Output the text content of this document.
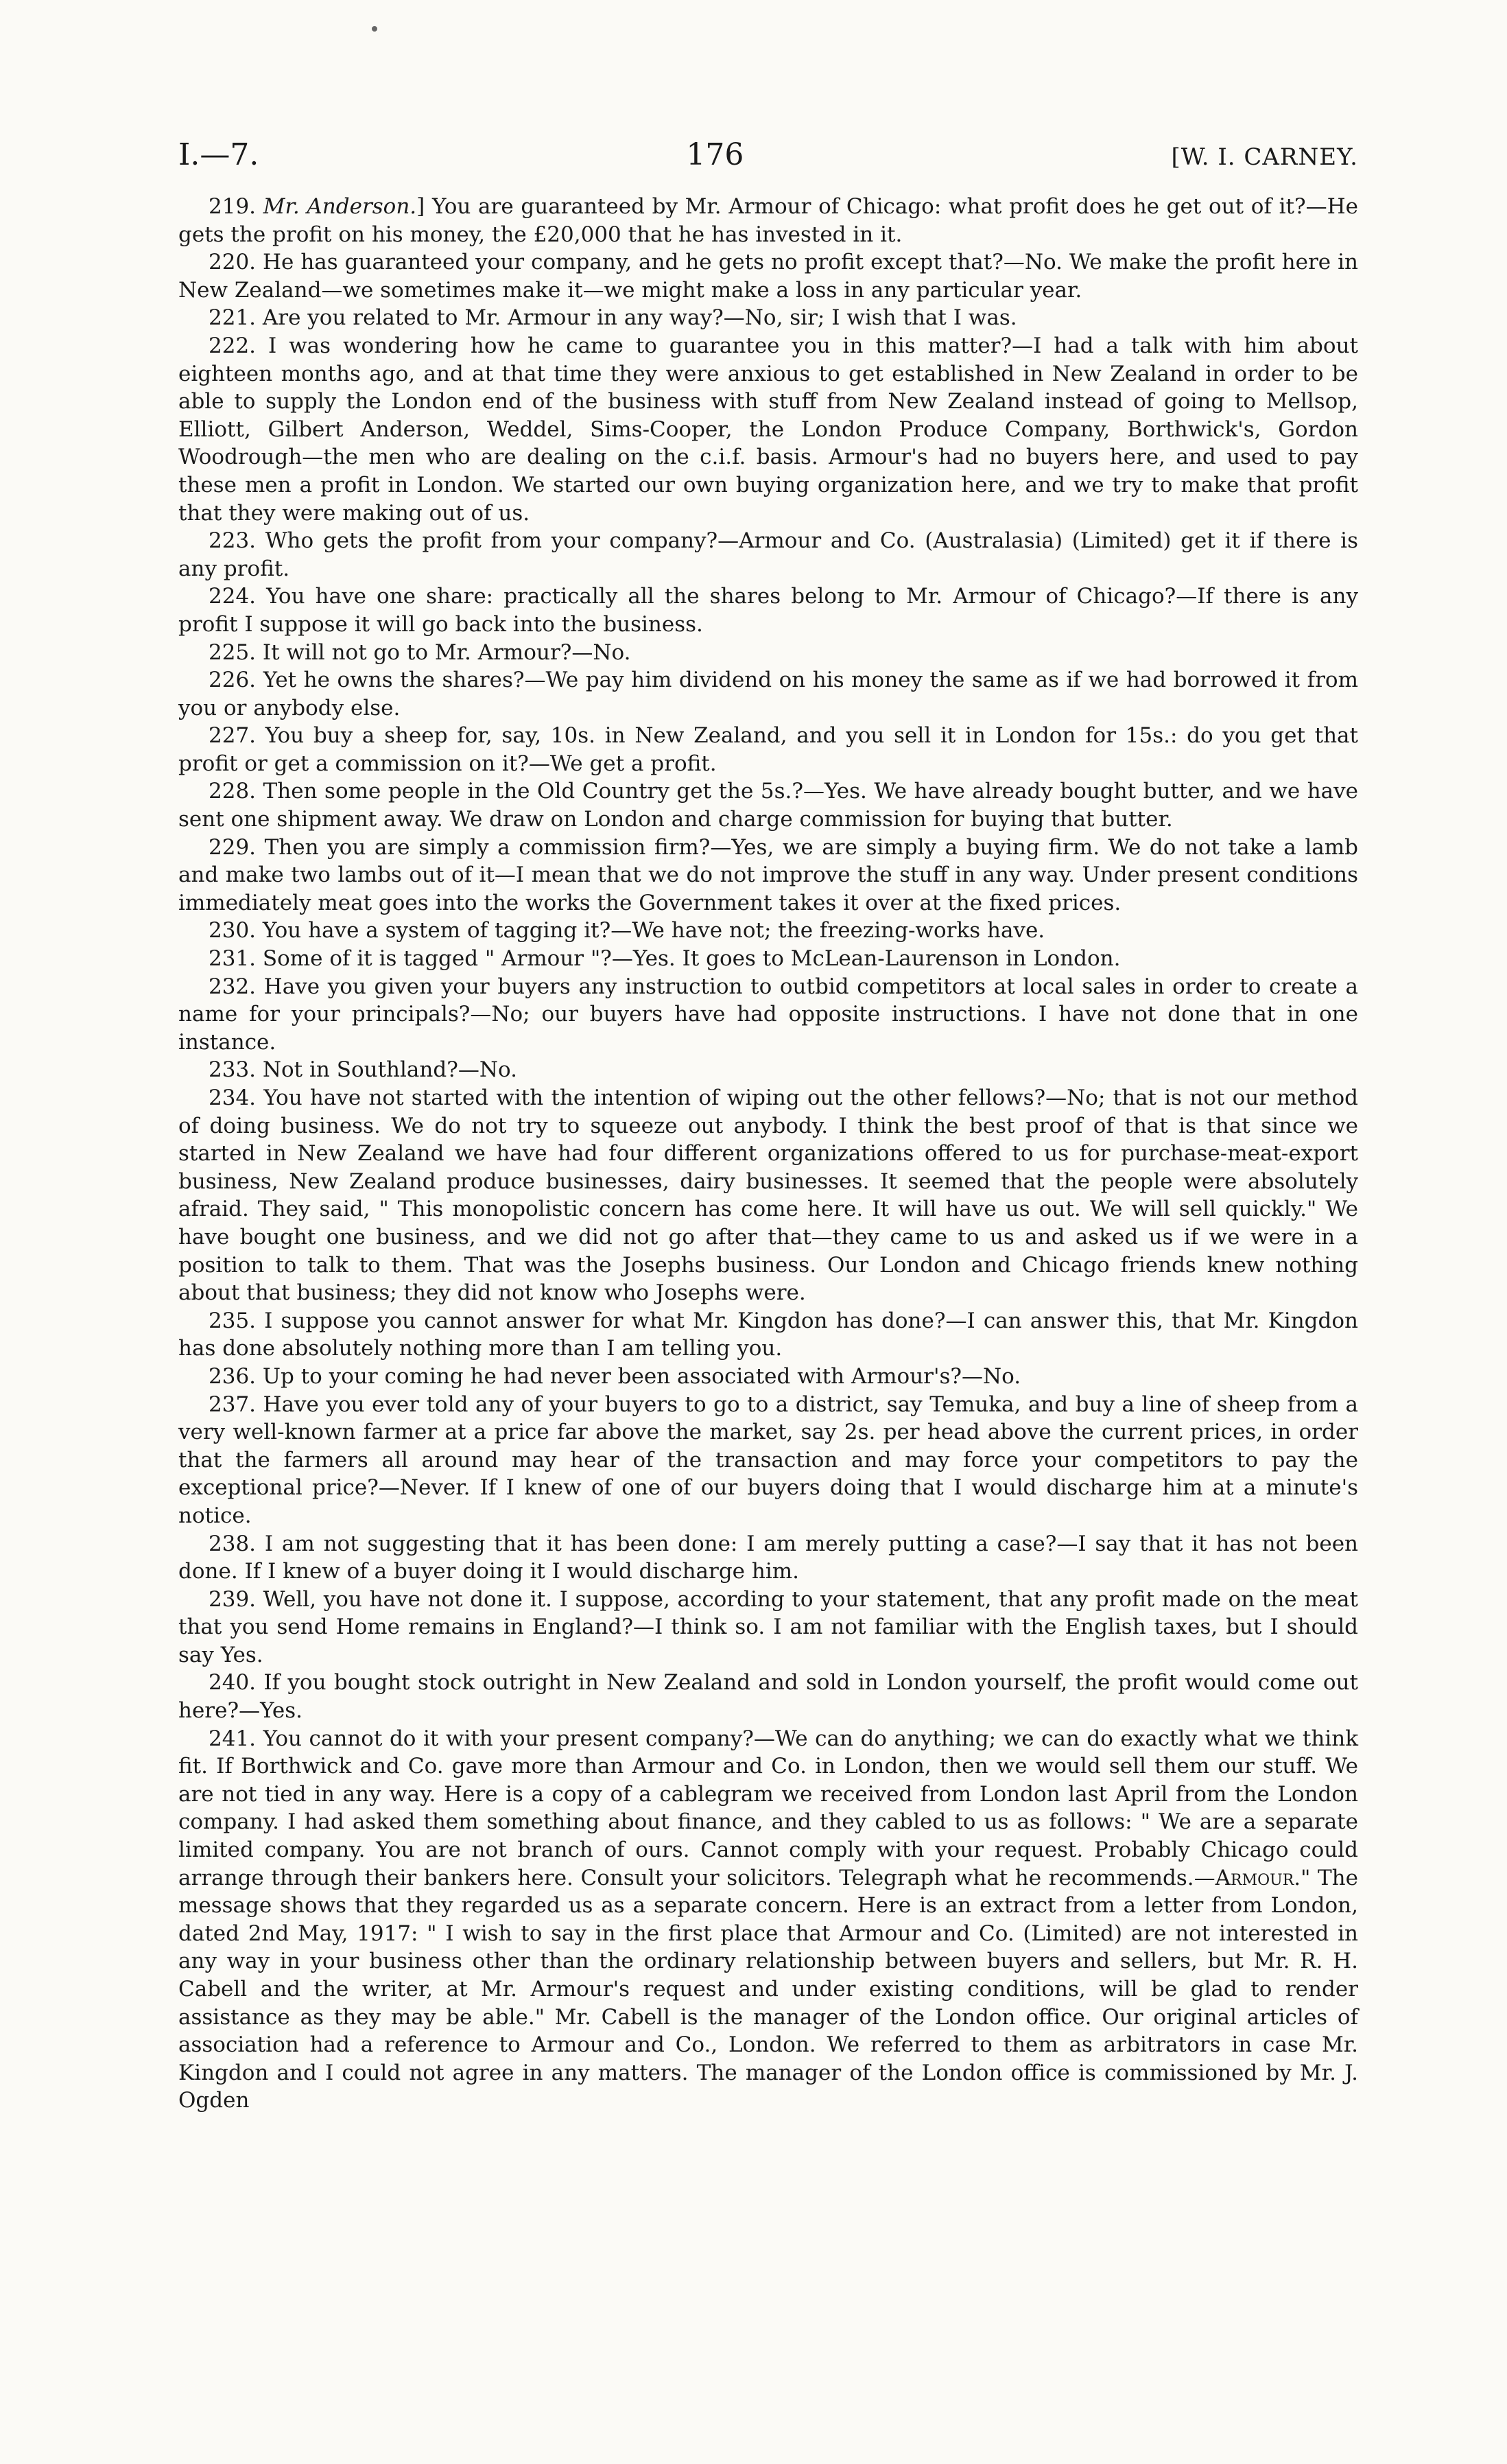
I.—7.	176	[W. I. CARNEY.

219. Mr. Anderson.] You are guaranteed by Mr. Armour of Chicago: what profit does he get out of it?—He gets the profit on his money, the £20,000 that he has invested in it.

220. He has guaranteed your company, and he gets no profit except that?—No. We make the profit here in New Zealand—we sometimes make it—we might make a loss in any particular year.

221. Are you related to Mr. Armour in any way?—No, sir; I wish that I was.

222. I was wondering how he came to guarantee you in this matter?—I had a talk with him about eighteen months ago, and at that time they were anxious to get established in New Zealand in order to be able to supply the London end of the business with stuff from New Zealand instead of going to Mellsop, Elliott, Gilbert Anderson, Weddel, Sims-Cooper, the London Produce Company, Borthwick's, Gordon Woodrough—the men who are dealing on the c.i.f. basis. Armour's had no buyers here, and used to pay these men a profit in London. We started our own buying organization here, and we try to make that profit that they were making out of us.

223. Who gets the profit from your company?—Armour and Co. (Australasia) (Limited) get it if there is any profit.

224. You have one share: practically all the shares belong to Mr. Armour of Chicago?—If there is any profit I suppose it will go back into the business.

225. It will not go to Mr. Armour?—No.

226. Yet he owns the shares?—We pay him dividend on his money the same as if we had borrowed it from you or anybody else.

227. You buy a sheep for, say, 10s. in New Zealand, and you sell it in London for 15s.: do you get that profit or get a commission on it?—We get a profit.

228. Then some people in the Old Country get the 5s.?—Yes. We have already bought butter, and we have sent one shipment away. We draw on London and charge commission for buying that butter.

229. Then you are simply a commission firm?—Yes, we are simply a buying firm. We do not take a lamb and make two lambs out of it—I mean that we do not improve the stuff in any way. Under present conditions immediately meat goes into the works the Government takes it over at the fixed prices.

230. You have a system of tagging it?—We have not; the freezing-works have.

231. Some of it is tagged " Armour "?—Yes. It goes to McLean-Laurenson in London.

232. Have you given your buyers any instruction to outbid competitors at local sales in order to create a name for your principals?—No; our buyers have had opposite instructions. I have not done that in one instance.

233. Not in Southland?—No.

234. You have not started with the intention of wiping out the other fellows?—No; that is not our method of doing business. We do not try to squeeze out anybody. I think the best proof of that is that since we started in New Zealand we have had four different organizations offered to us for purchase-meat-export business, New Zealand produce businesses, dairy businesses. It seemed that the people were absolutely afraid. They said, " This monopolistic concern has come here. It will have us out. We will sell quickly." We have bought one business, and we did not go after that—they came to us and asked us if we were in a position to talk to them. That was the Josephs business. Our London and Chicago friends knew nothing about that business; they did not know who Josephs were.

235. I suppose you cannot answer for what Mr. Kingdon has done?—I can answer this, that Mr. Kingdon has done absolutely nothing more than I am telling you.

236. Up to your coming he had never been associated with Armour's?—No.

237. Have you ever told any of your buyers to go to a district, say Temuka, and buy a line of sheep from a very well-known farmer at a price far above the market, say 2s. per head above the current prices, in order that the farmers all around may hear of the transaction and may force your competitors to pay the exceptional price?—Never. If I knew of one of our buyers doing that I would discharge him at a minute's notice.

238. I am not suggesting that it has been done: I am merely putting a case?—I say that it has not been done. If I knew of a buyer doing it I would discharge him.

239. Well, you have not done it. I suppose, according to your statement, that any profit made on the meat that you send Home remains in England?—I think so. I am not familiar with the English taxes, but I should say Yes.

240. If you bought stock outright in New Zealand and sold in London yourself, the profit would come out here?—Yes.

241. You cannot do it with your present company?—We can do anything; we can do exactly what we think fit. If Borthwick and Co. gave more than Armour and Co. in London, then we would sell them our stuff. We are not tied in any way. Here is a copy of a cablegram we received from London last April from the London company. I had asked them something about finance, and they cabled to us as follows: " We are a separate limited company. You are not branch of ours. Cannot comply with your request. Probably Chicago could arrange through their bankers here. Consult your solicitors. Telegraph what he recommends.—Armour." The message shows that they regarded us as a separate concern. Here is an extract from a letter from London, dated 2nd May, 1917: " I wish to say in the first place that Armour and Co. (Limited) are not interested in any way in your business other than the ordinary relationship between buyers and sellers, but Mr. R. H. Cabell and the writer, at Mr. Armour's request and under existing conditions, will be glad to render assistance as they may be able." Mr. Cabell is the manager of the London office. Our original articles of association had a reference to Armour and Co., London. We referred to them as arbitrators in case Mr. Kingdon and I could not agree in any matters. The manager of the London office is commissioned by Mr. J. Ogden
